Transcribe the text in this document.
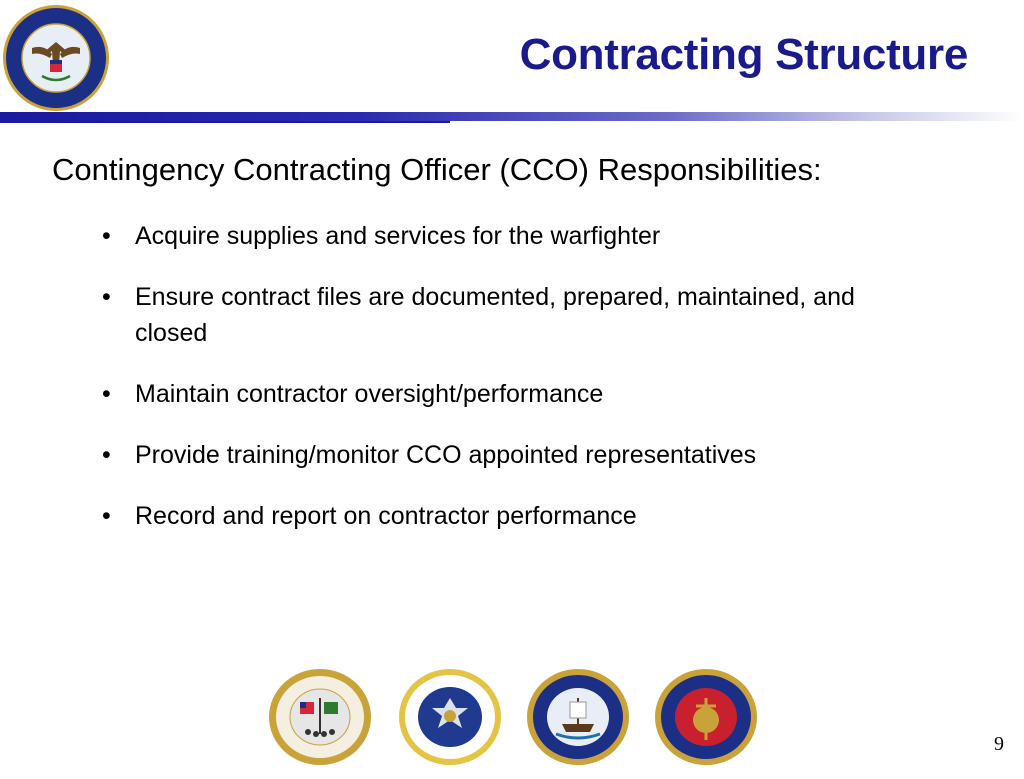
Contracting Structure

Contingency Contracting Officer (CCO) Responsibilities:

• Acquire supplies and services for the warfighter
• Ensure contract files are documented, prepared, maintained, and closed
• Maintain contractor oversight/performance
• Provide training/monitor CCO appointed representatives
• Record and report on contractor performance
9
